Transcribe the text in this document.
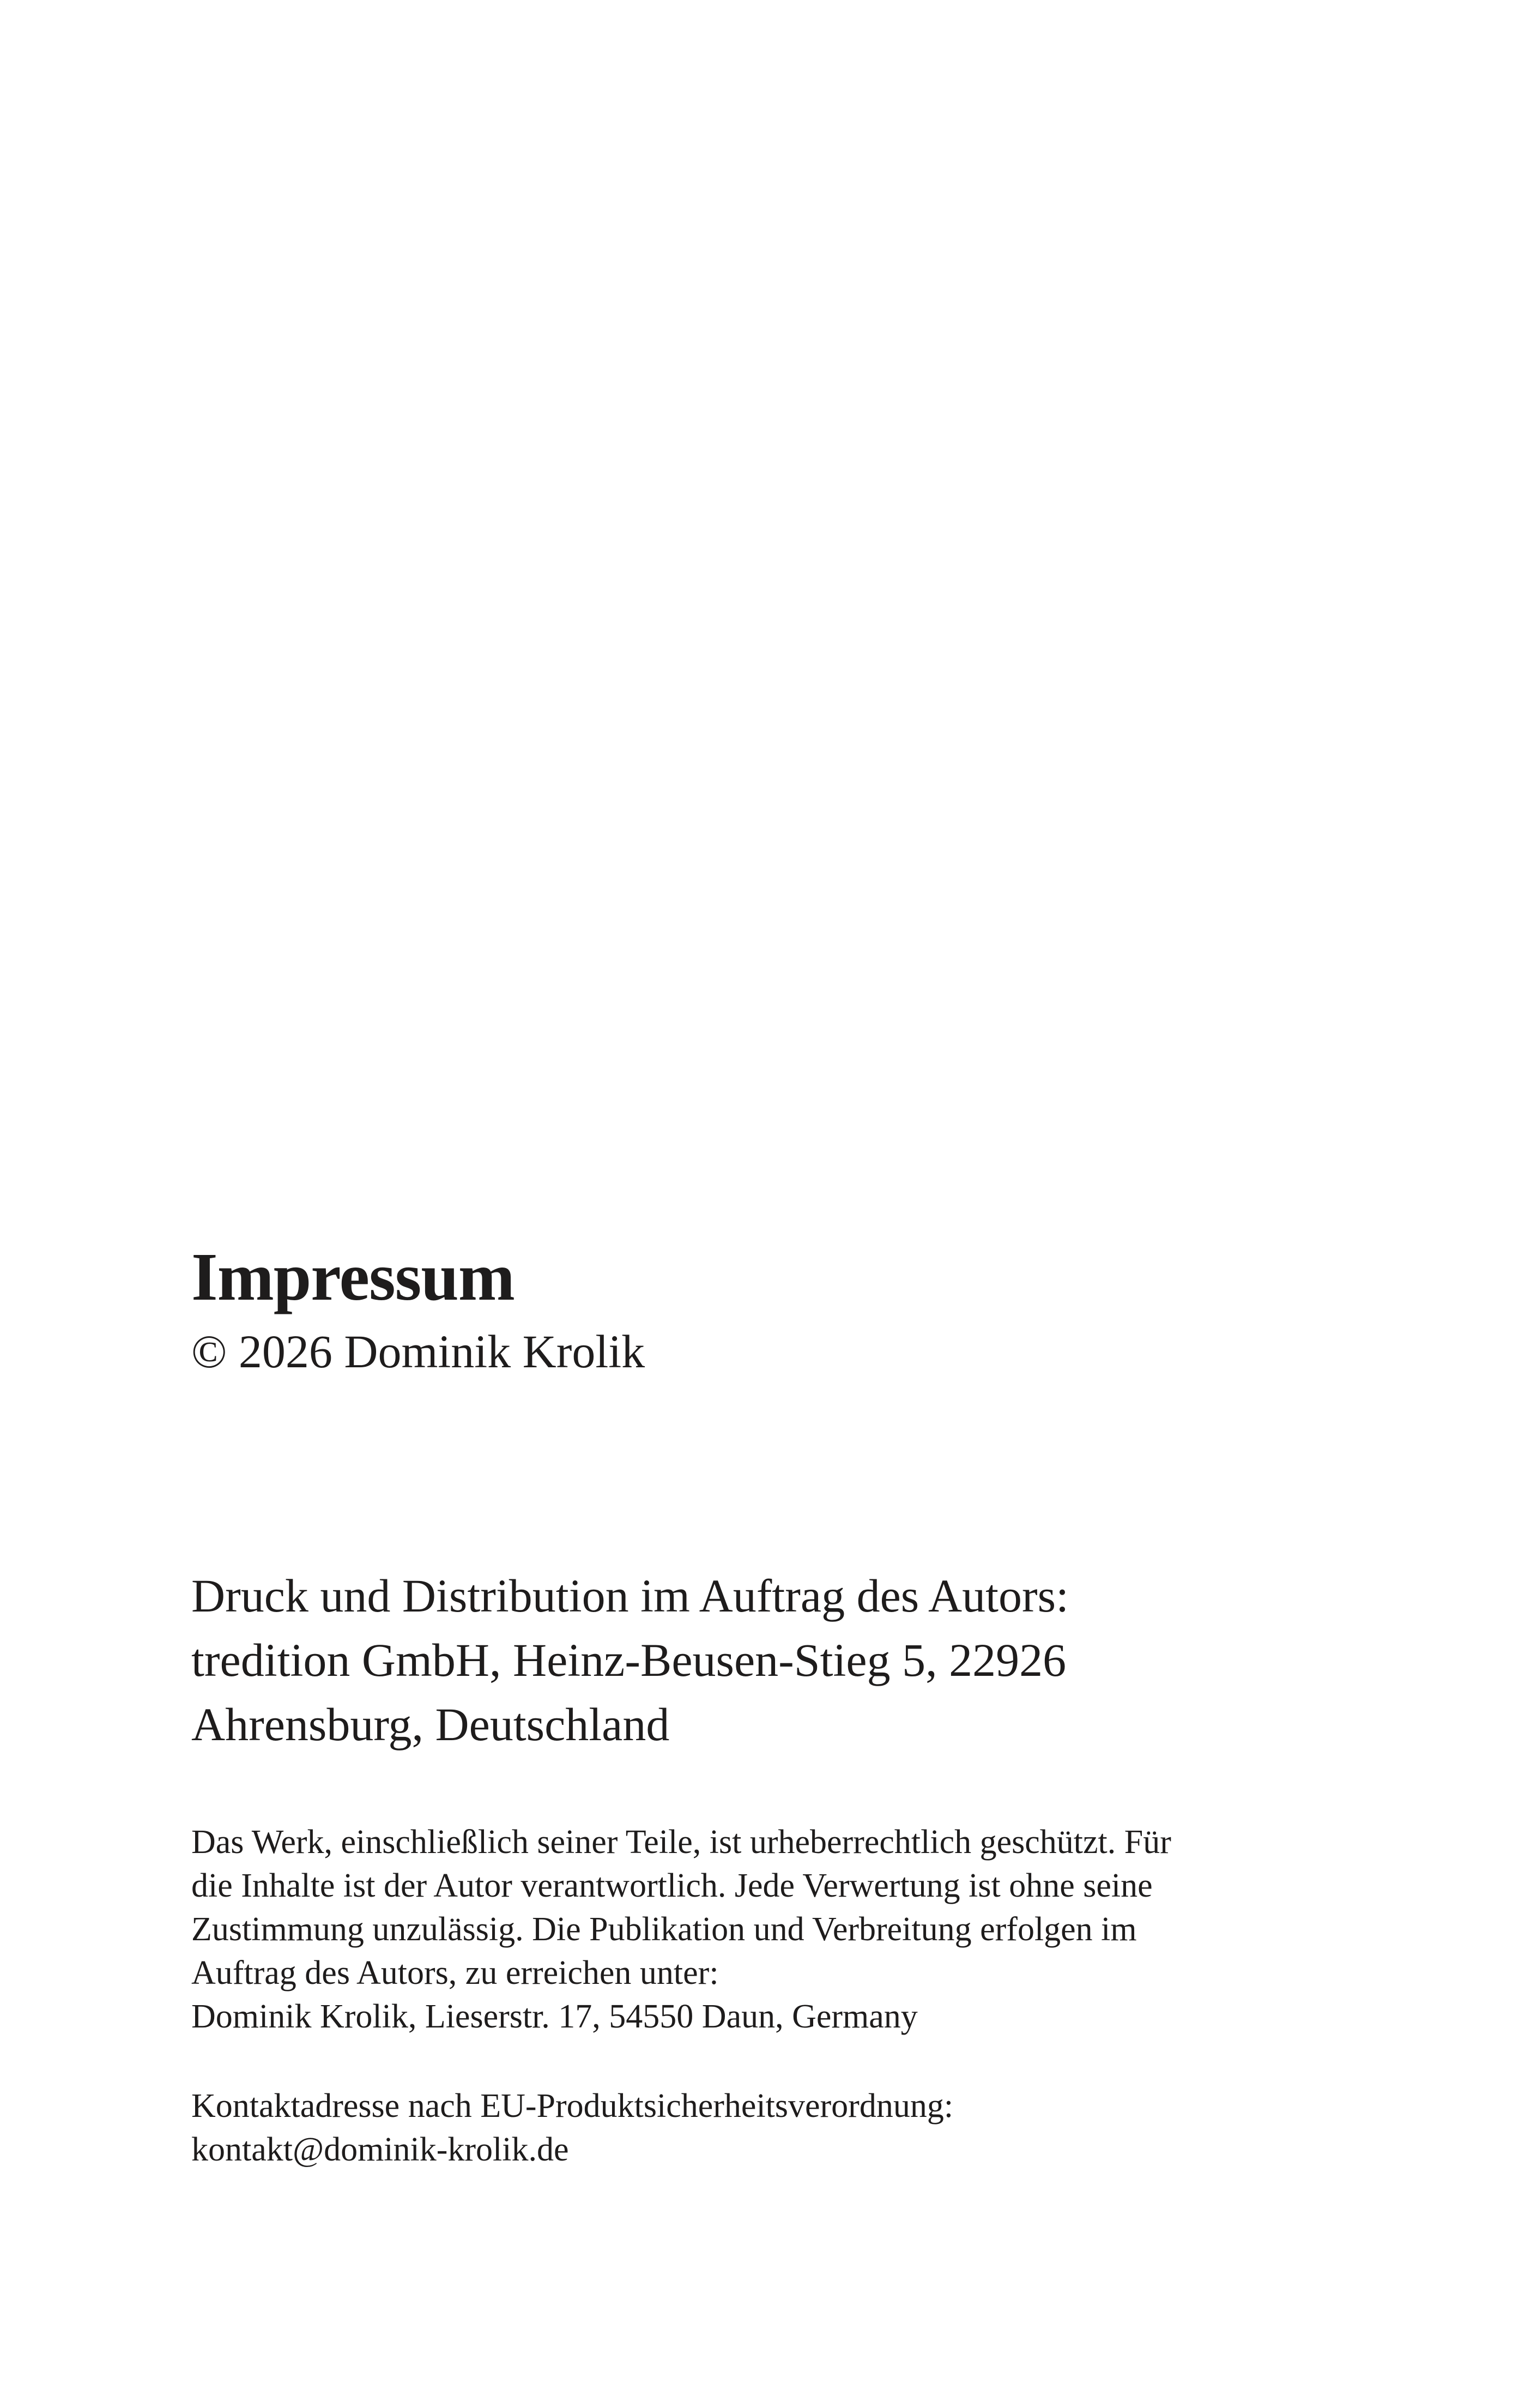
Impressum

© 2026 Dominik Krolik

Druck und Distribution im Auftrag des Autors:
tredition GmbH, Heinz-Beusen-Stieg 5, 22926
Ahrensburg, Deutschland

Das Werk, einschließlich seiner Teile, ist urheberrechtlich geschützt. Für
die Inhalte ist der Autor verantwortlich. Jede Verwertung ist ohne seine
Zustimmung unzulässig. Die Publikation und Verbreitung erfolgen im
Auftrag des Autors, zu erreichen unter:
Dominik Krolik, Lieserstr. 17, 54550 Daun, Germany

Kontaktadresse nach EU-Produktsicherheitsverordnung:
kontakt@dominik-krolik.de
